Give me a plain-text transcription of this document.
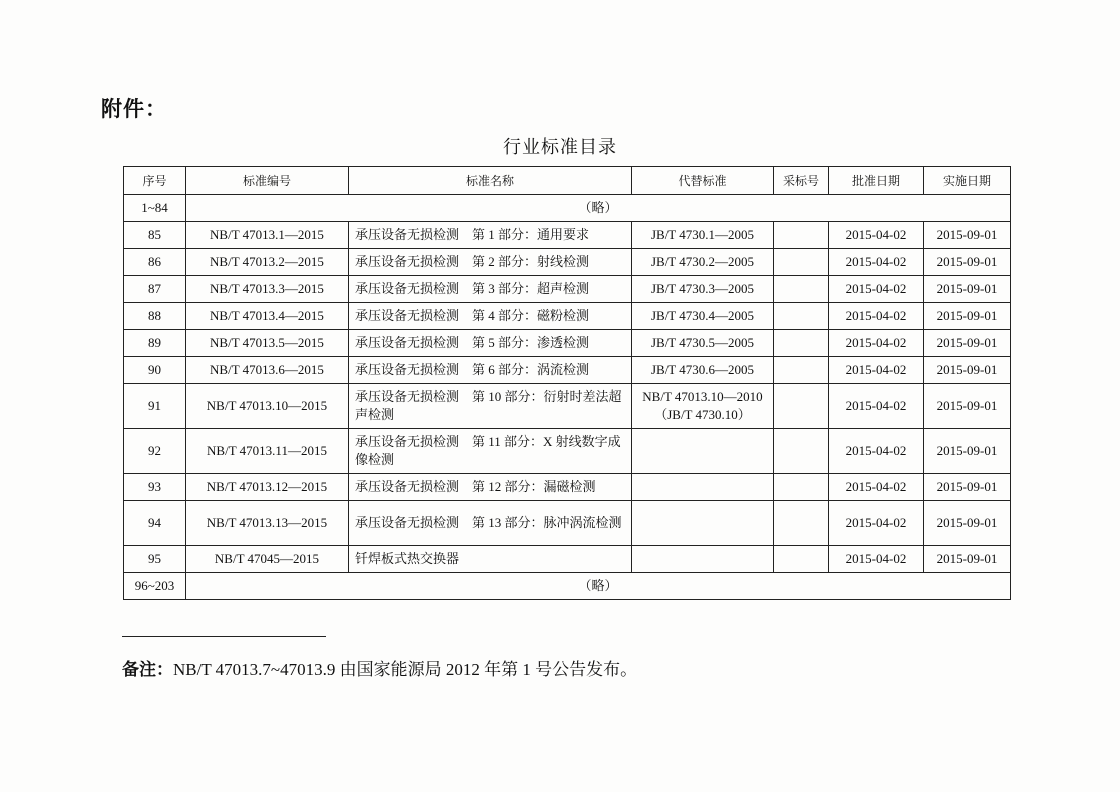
附件：
行业标准目录
序号	标准编号	标准名称	代替标准	采标号	批准日期	实施日期
1~84	（略）					
85	NB/T 47013.1—2015	承压设备无损检测　第 1 部分：通用要求	JB/T 4730.1—2005		2015-04-02	2015-09-01
86	NB/T 47013.2—2015	承压设备无损检测　第 2 部分：射线检测	JB/T 4730.2—2005		2015-04-02	2015-09-01
87	NB/T 47013.3—2015	承压设备无损检测　第 3 部分：超声检测	JB/T 4730.3—2005		2015-04-02	2015-09-01
88	NB/T 47013.4—2015	承压设备无损检测　第 4 部分：磁粉检测	JB/T 4730.4—2005		2015-04-02	2015-09-01
89	NB/T 47013.5—2015	承压设备无损检测　第 5 部分：渗透检测	JB/T 4730.5—2005		2015-04-02	2015-09-01
90	NB/T 47013.6—2015	承压设备无损检测　第 6 部分：涡流检测	JB/T 4730.6—2005		2015-04-02	2015-09-01
91	NB/T 47013.10—2015	承压设备无损检测　第 10 部分：衍射时差法超声检测	NB/T 47013.10—2010
（JB/T 4730.10）		2015-04-02	2015-09-01
92	NB/T 47013.11—2015	承压设备无损检测　第 11 部分：X 射线数字成像检测			2015-04-02	2015-09-01
93	NB/T 47013.12—2015	承压设备无损检测　第 12 部分：漏磁检测			2015-04-02	2015-09-01
94	NB/T 47013.13—2015	承压设备无损检测　第 13 部分：脉冲涡流检测			2015-04-02	2015-09-01
95	NB/T 47045—2015	钎焊板式热交换器			2015-04-02	2015-09-01
96~203	（略）					
备注：NB/T 47013.7~47013.9 由国家能源局 2012 年第 1 号公告发布。
